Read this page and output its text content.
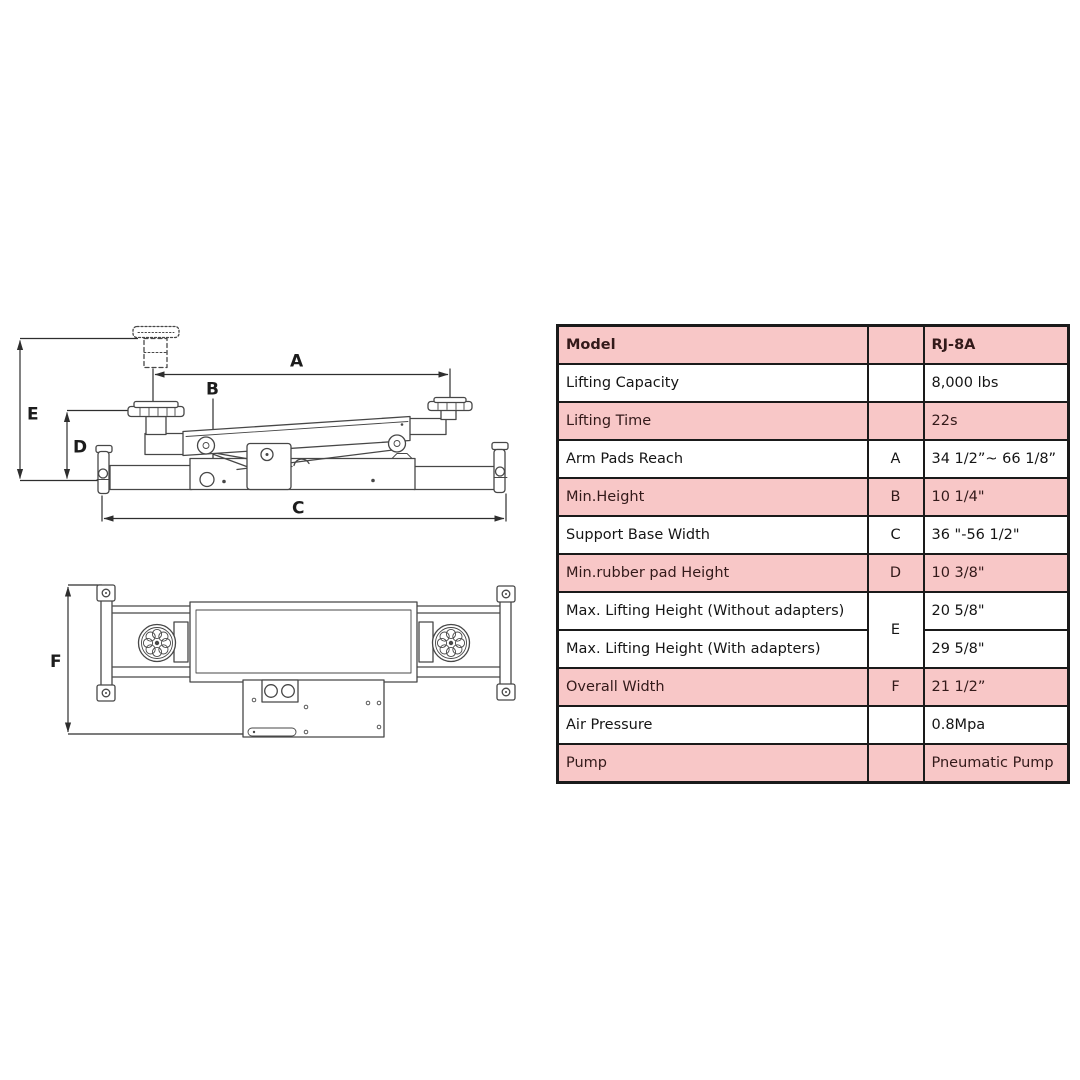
E
D
A
B
C
F
Model		RJ-8A
Lifting Capacity		8,000 lbs
Lifting Time		22s
Arm Pads Reach	A	34 1/2”~ 66 1/8”
Min.Height	B	10 1/4"
Support Base Width	C	36 "-56 1/2"
Min.rubber pad Height	D	10 3/8"
Max. Lifting Height (Without adapters)	E	20 5/8"
Max. Lifting Height (With adapters)		29 5/8"
Overall Width	F	21 1/2”
Air Pressure		0.8Mpa
Pump		Pneumatic Pump
